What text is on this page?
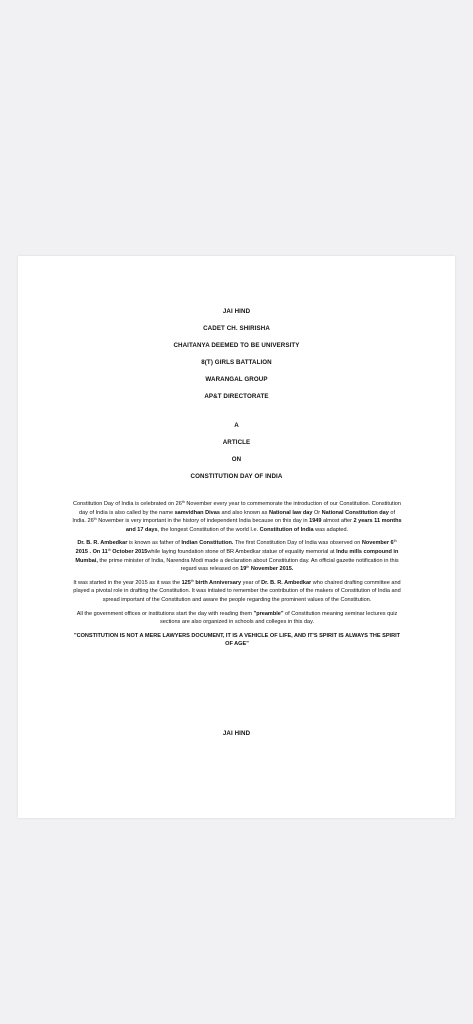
JAI HIND
CADET CH. SHIRISHA
CHAITANYA DEEMED TO BE UNIVERSITY
8(T) GIRLS BATTALION
WARANGAL GROUP
AP&T DIRECTORATE
A
ARTICLE
ON
CONSTITUTION DAY OF INDIA

Constitution Day of India is celebrated on 26th November every year to commemorate the introduction of our Constitution. Constitution day of India is also called by the name samvidhan Divas and also known as National law day Or National Constitution day of India. 26th November is very important in the history of independent India because on this day in 1949 almost after 2 years 11 months and 17 days, the longest Constitution of the world I.e. Constitution of India was adapted.

Dr. B. R. Ambedkar is known as father of Indian Constitution. The first Constitution Day of India was observed on November 6th 2015 . On 11th October 2015while laying foundation stone of BR Ambedkar statue of equality memorial at Indu mills compound in Mumbai, the prime minister of India, Narendra Modi made a declaration about Constitution day. An official gazette notification in this regard was released on 19th November 2015.

It was started in the year 2015 as it was the 125th birth Anniversary year of Dr. B. R. Ambedkar who chaired drafting committee and played a pivotal role in drafting the Constitution. It was intiated to remember the contribution of the makers of Constitution of India and spread important of the Constitution and aware the people regarding the prominent values of the Constitution.

All the government offices or institutions start the day with reading them "preamble" of Constitution meaning seminar lectures quiz sections are also organized in schools and colleges in this day.

"CONSTITUTION IS NOT A MERE LAWYERS DOCUMENT, IT IS A VEHICLE OF LIFE, AND IT'S SPIRIT IS ALWAYS THE SPIRIT OF AGE"

JAI HIND
